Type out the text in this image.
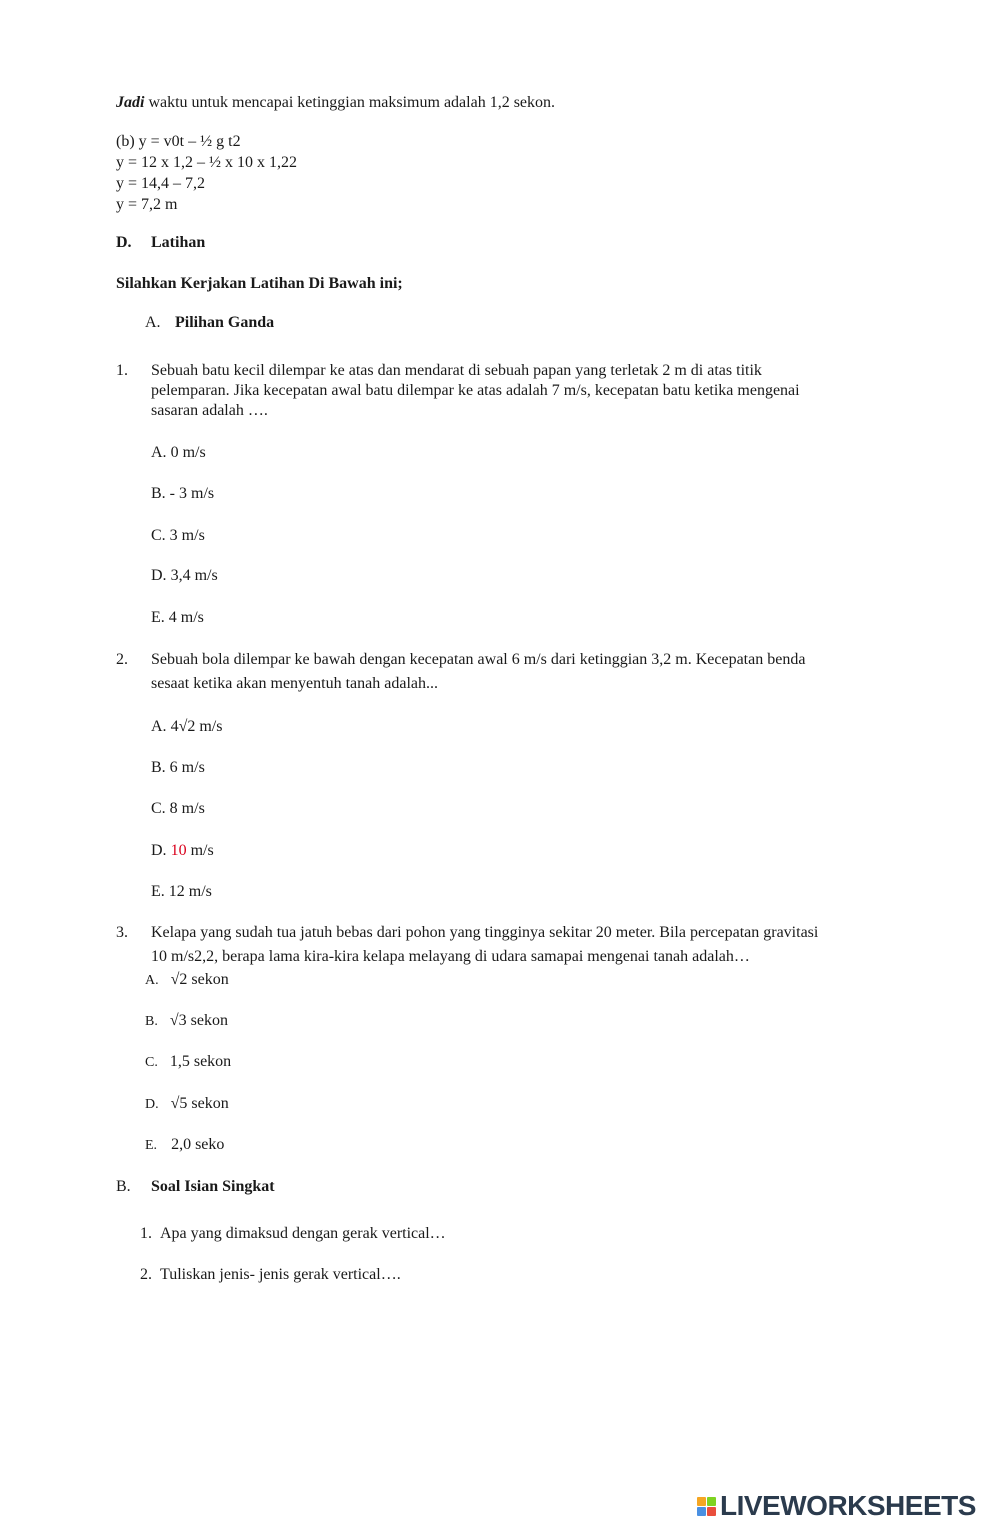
Jadi waktu untuk mencapai ketinggian maksimum adalah 1,2 sekon.
(b) y = v0t – ½ g t2
y = 12 x 1,2 – ½ x 10 x 1,22
y = 14,4 – 7,2
y = 7,2 m
D. Latihan
Silahkan Kerjakan Latihan Di Bawah ini;
A. Pilihan Ganda
1. Sebuah batu kecil dilempar ke atas dan mendarat di sebuah papan yang terletak 2 m di atas titik
pelemparan. Jika kecepatan awal batu dilempar ke atas adalah 7 m/s, kecepatan batu ketika mengenai
sasaran adalah ….
A. 0 m/s
B. - 3 m/s
C. 3 m/s
D. 3,4 m/s
E. 4 m/s
2. Sebuah bola dilempar ke bawah dengan kecepatan awal 6 m/s dari ketinggian 3,2 m. Kecepatan benda
sesaat ketika akan menyentuh tanah adalah...
A. 4√2 m/s
B. 6 m/s
C. 8 m/s
D. 10 m/s
E. 12 m/s
3. Kelapa yang sudah tua jatuh bebas dari pohon yang tingginya sekitar 20 meter. Bila percepatan gravitasi
10 m/s2,2, berapa lama kira-kira kelapa melayang di udara samapai mengenai tanah adalah…
A. √2 sekon
B. √3 sekon
C. 1,5 sekon
D. √5 sekon
E. 2,0 seko
B. Soal Isian Singkat
1. Apa yang dimaksud dengan gerak vertical…
2. Tuliskan jenis- jenis gerak vertical….
LIVEWORKSHEETS
